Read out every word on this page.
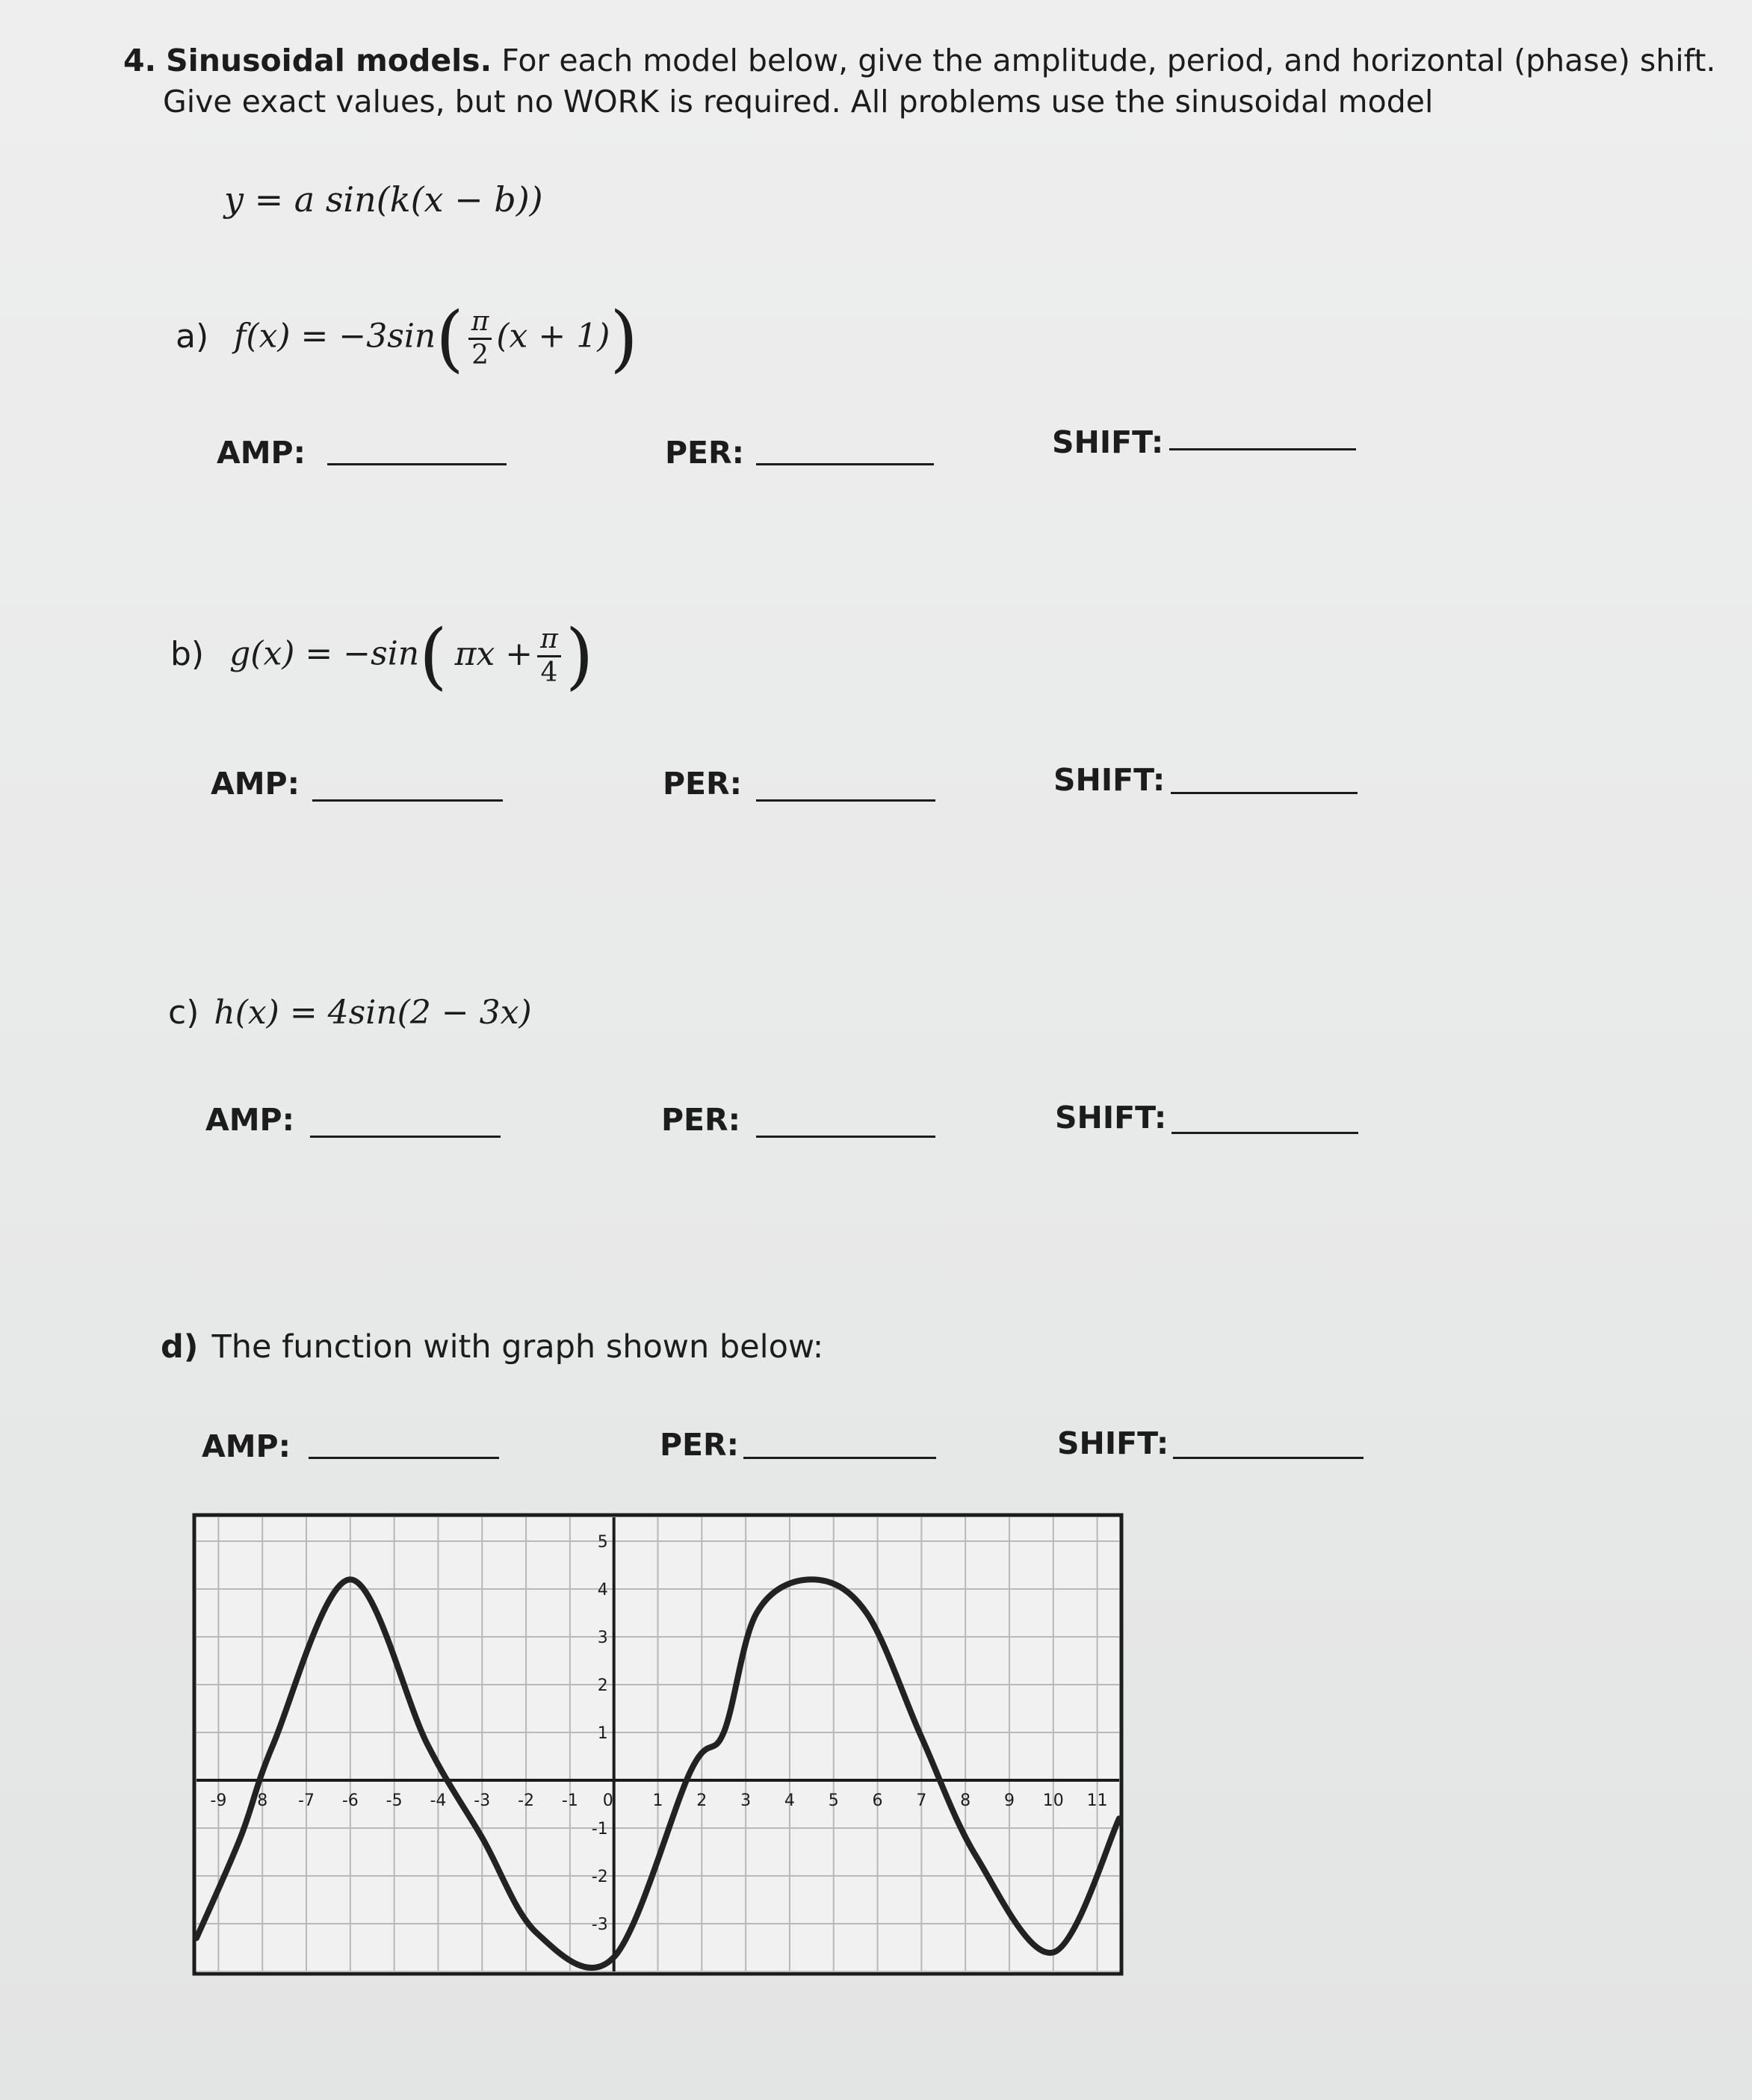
4. Sinusoidal models. For each model below, give the amplitude, period, and horizontal (phase) shift.
Give exact values, but no WORK is required. All problems use the sinusoidal model
y = a sin(k(x − b))
a) $f(x) = -3\sin( \frac{\pi}{2} (x + 1))$
AMP:	PER:	SHIFT:
b) g(x) = −sin( $\pi x + \frac{\pi}{4}$ )
AMP:	PER:	SHIFT:
c) h(x) = 4sin(2 − 3x)
AMP:	PER:	SHIFT:
d) The function with graph shown below:
AMP:	PER:	SHIFT:
-9 8 -7 -6 -5 -4 -3 -2 -1 0 1 2 3 4 5 6 7 8 9 10 11
5
4
3
2
1
-1
-2
-3
